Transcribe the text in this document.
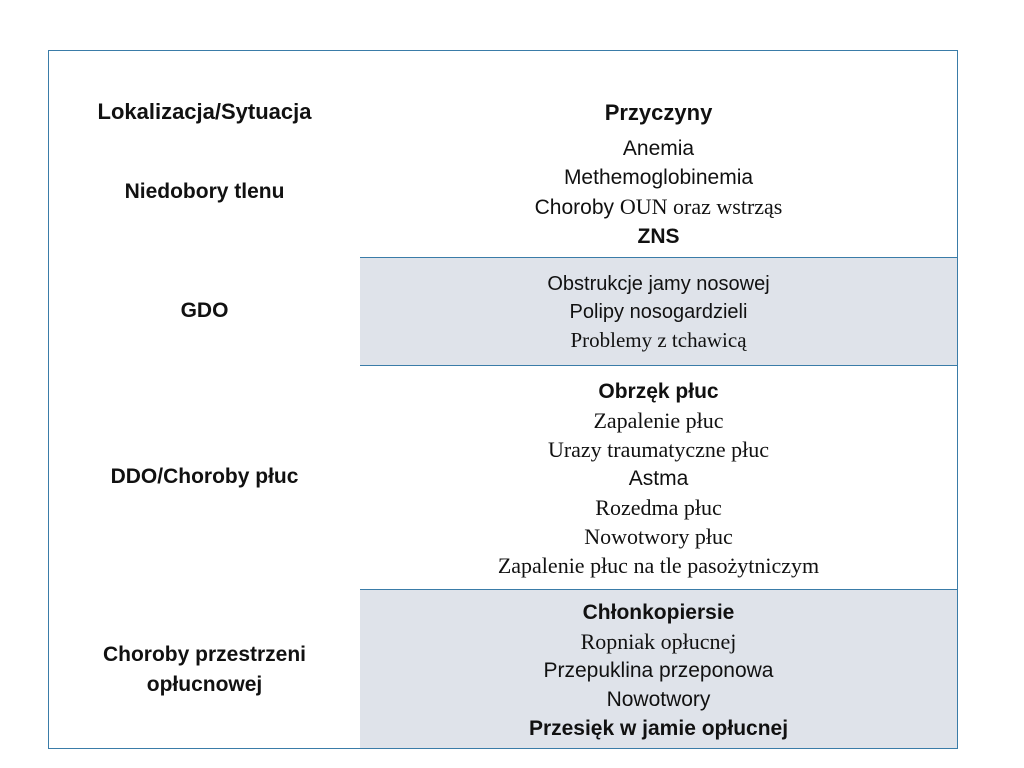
Lokalizacja/Sytuacja	Przyczyny
Niedobory tlenu
Anemia
Methemoglobinemia
Choroby OUN oraz wstrząs
ZNS
GDO
Obstrukcje jamy nosowej
Polipy nosogardzieli
Problemy z tchawicą
DDO/Choroby płuc
Obrzęk płuc
Zapalenie płuc
Urazy traumatyczne płuc
Astma
Rozedma płuc
Nowotwory płuc
Zapalenie płuc na tle pasożytniczym
Choroby przestrzeni
opłucnowej
Chłonkopiersie
Ropniak opłucnej
Przepuklina przeponowa
Nowotwory
Przesięk w jamie opłucnej
